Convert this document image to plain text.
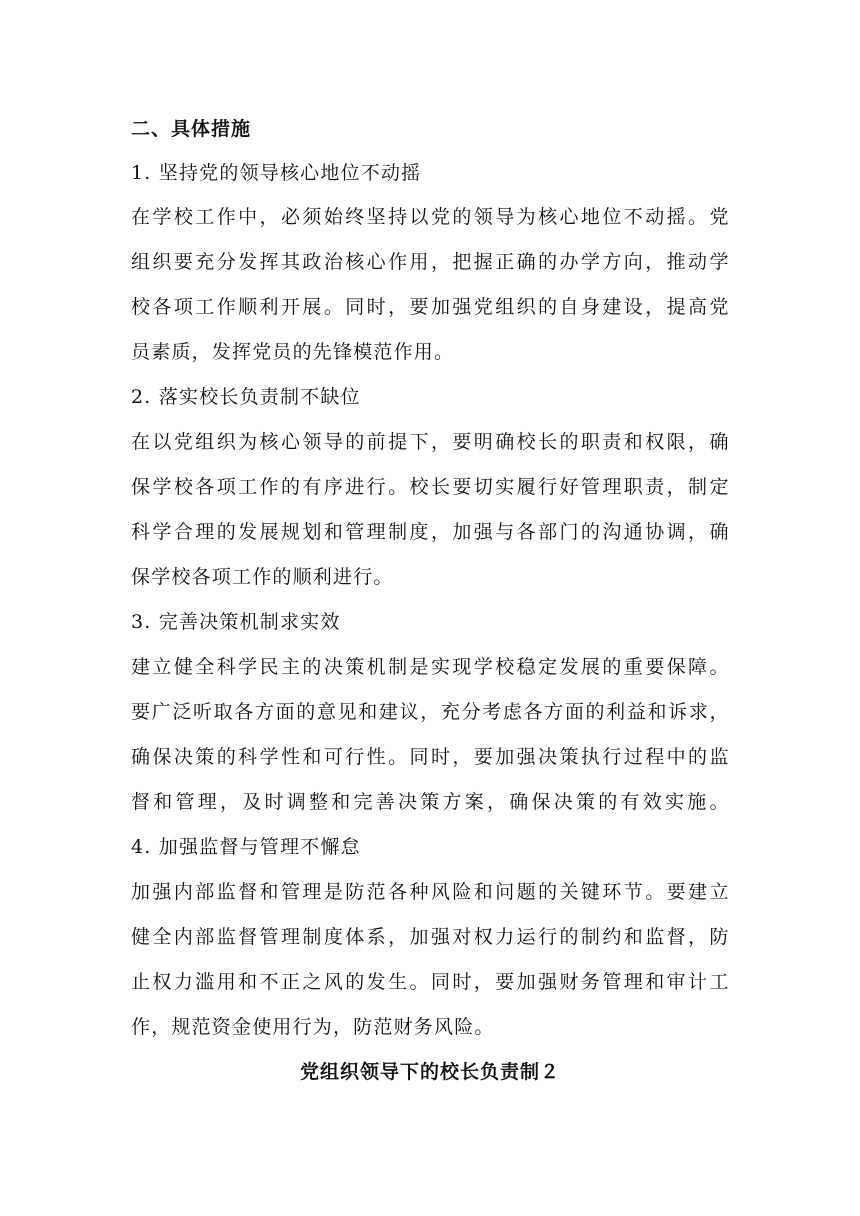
二、具体措施
1. 坚持党的领导核心地位不动摇
在学校工作中，必须始终坚持以党的领导为核心地位不动摇。党
组织要充分发挥其政治核心作用，把握正确的办学方向，推动学
校各项工作顺利开展。同时，要加强党组织的自身建设，提高党
员素质，发挥党员的先锋模范作用。
2. 落实校长负责制不缺位
在以党组织为核心领导的前提下，要明确校长的职责和权限，确
保学校各项工作的有序进行。校长要切实履行好管理职责，制定
科学合理的发展规划和管理制度，加强与各部门的沟通协调，确
保学校各项工作的顺利进行。
3. 完善决策机制求实效
建立健全科学民主的决策机制是实现学校稳定发展的重要保障。
要广泛听取各方面的意见和建议，充分考虑各方面的利益和诉求，
确保决策的科学性和可行性。同时，要加强决策执行过程中的监
督和管理，及时调整和完善决策方案，确保决策的有效实施。
4. 加强监督与管理不懈怠
加强内部监督和管理是防范各种风险和问题的关键环节。要建立
健全内部监督管理制度体系，加强对权力运行的制约和监督，防
止权力滥用和不正之风的发生。同时，要加强财务管理和审计工
作，规范资金使用行为，防范财务风险。
党组织领导下的校长负责制２
